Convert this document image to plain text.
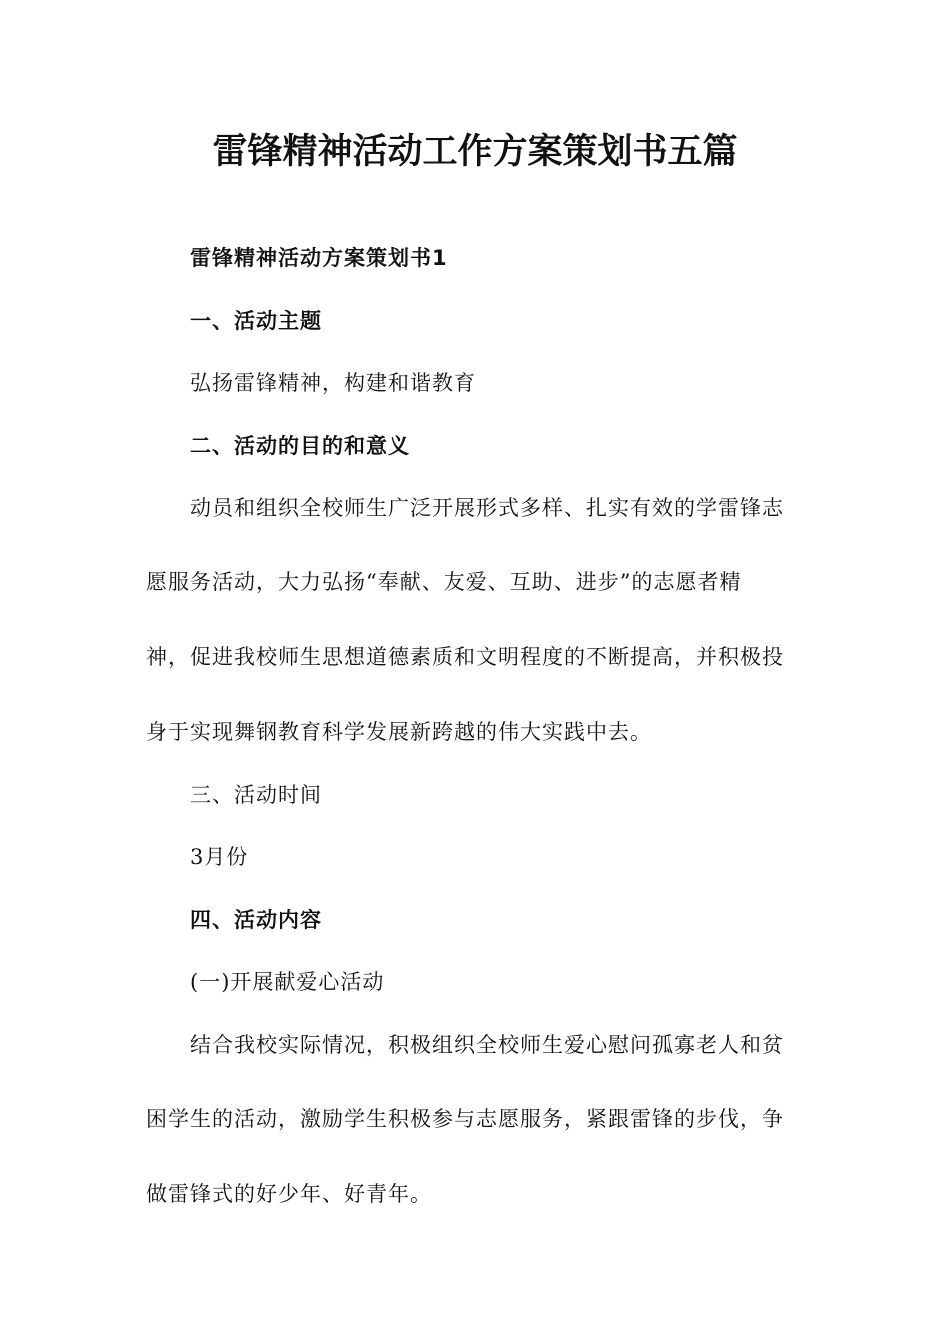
雷锋精神活动工作方案策划书五篇
雷锋精神活动方案策划书1
一、活动主题
弘扬雷锋精神，构建和谐教育
二、活动的目的和意义
动员和组织全校师生广泛开展形式多样、扎实有效的学雷锋志
愿服务活动，大力弘扬“奉献、友爱、互助、进步”的志愿者精
神，促进我校师生思想道德素质和文明程度的不断提高，并积极投
身于实现舞钢教育科学发展新跨越的伟大实践中去。
三、活动时间
3月份
四、活动内容
(一)开展献爱心活动
结合我校实际情况，积极组织全校师生爱心慰问孤寡老人和贫
困学生的活动，激励学生积极参与志愿服务，紧跟雷锋的步伐，争
做雷锋式的好少年、好青年。
